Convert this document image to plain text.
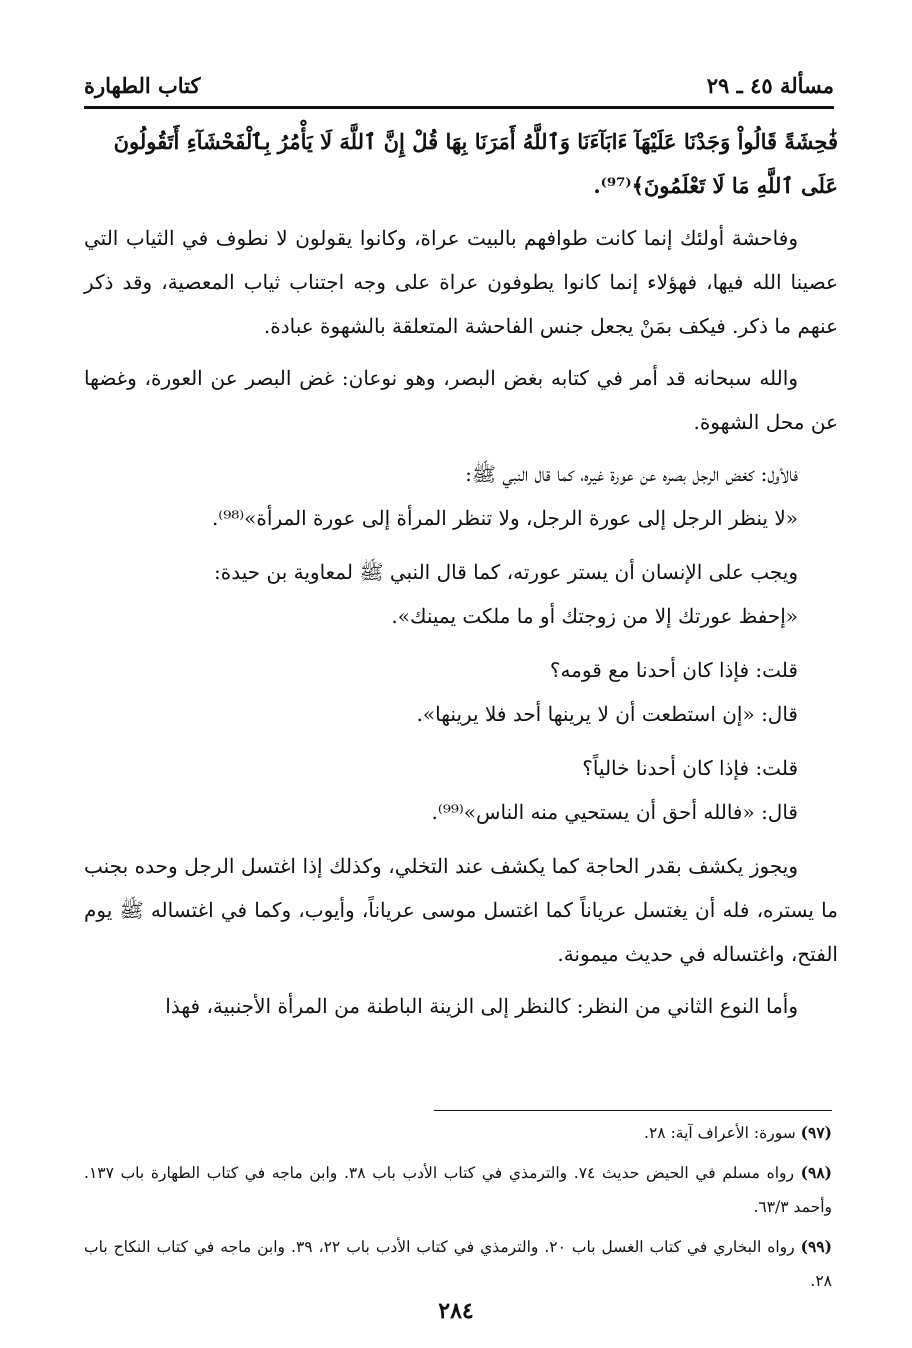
مسألة ٤٥ ـ ٢٩
كتاب الطهارة

فَٰحِشَةً قَالُواْ وَجَدْنَا عَلَيْهَآ ءَابَآءَنَا وَٱللَّهُ أَمَرَنَا بِهَا قُلْ إِنَّ ٱللَّهَ لَا يَأْمُرُ بِٱلْفَحْشَآءِ أَتَقُولُونَ
عَلَى ٱللَّهِ مَا لَا تَعْلَمُونَ﴾⁽⁹⁷⁾.

وفاحشة أولئك إنما كانت طوافهم بالبيت عراة، وكانوا يقولون لا نطوف في الثياب التي عصينا الله فيها، فهؤلاء إنما كانوا يطوفون عراة على وجه اجتناب ثياب المعصية، وقد ذكر عنهم ما ذكر. فيكف بمَنْ يجعل جنس الفاحشة المتعلقة بالشهوة عبادة.

والله سبحانه قد أمر في كتابه بغض البصر، وهو نوعان: غض البصر عن العورة، وغضها عن محل الشهوة.

فالأول: كغض الرجل بصره عن عورة غيره، كما قال النبي ﷺ:
«لا ينظر الرجل إلى عورة الرجل، ولا تنظر المرأة إلى عورة المرأة»⁽⁹⁸⁾.
ويجب على الإنسان أن يستر عورته، كما قال النبي ﷺ لمعاوية بن حيدة:
«إحفظ عورتك إلا من زوجتك أو ما ملكت يمينك».
قلت: فإذا كان أحدنا مع قومه؟
قال: «إن استطعت أن لا يرينها أحد فلا يرينها».
قلت: فإذا كان أحدنا خالياً؟
قال: «فالله أحق أن يستحيي منه الناس»⁽⁹⁹⁾.

ويجوز يكشف بقدر الحاجة كما يكشف عند التخلي، وكذلك إذا اغتسل الرجل وحده بجنب ما يستره، فله أن يغتسل عرياناً كما اغتسل موسى عرياناً، وأيوب، وكما في اغتساله ﷺ يوم الفتح، واغتساله في حديث ميمونة.

وأما النوع الثاني من النظر: كالنظر إلى الزينة الباطنة من المرأة الأجنبية، فهذا

(٩٧) سورة: الأعراف آية: ٢٨.

(٩٨) رواه مسلم في الحيض حديث ٧٤. والترمذي في كتاب الأدب باب ٣٨. وابن ماجه في كتاب الطهارة باب ١٣٧. وأحمد ٦٣/٣.

(٩٩) رواه البخاري في كتاب الغسل باب ٢٠. والترمذي في كتاب الأدب باب ٢٢، ٣٩. وابن ماجه في كتاب النكاح باب ٢٨.

٢٨٤
